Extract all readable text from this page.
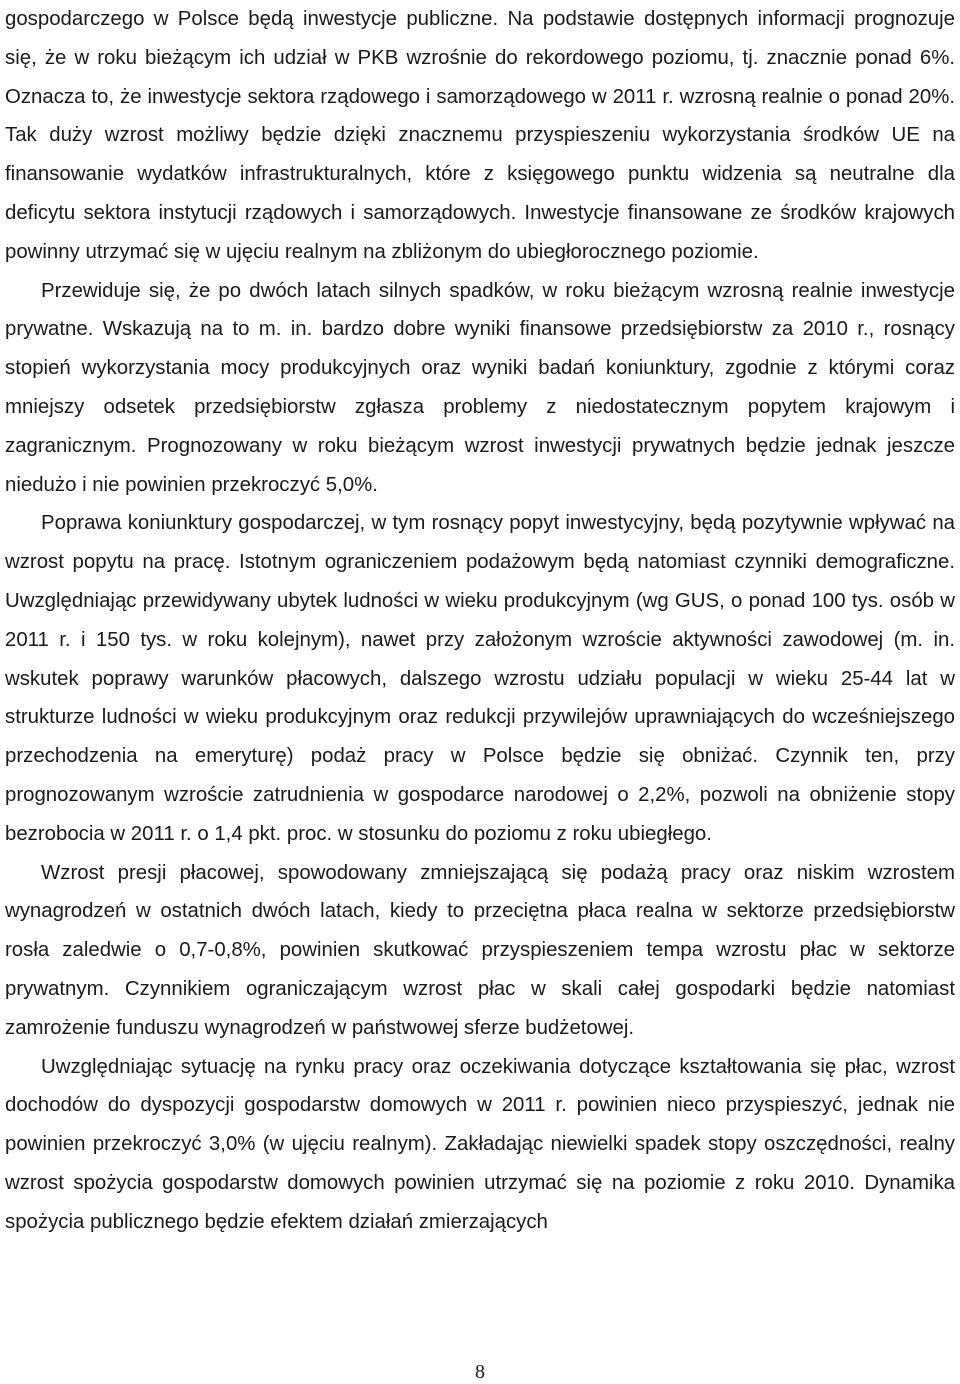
gospodarczego w Polsce będą inwestycje publiczne. Na podstawie dostępnych informacji prognozuje się, że w roku bieżącym ich udział w PKB wzrośnie do rekordowego poziomu, tj. znacznie ponad 6%. Oznacza to, że inwestycje sektora rządowego i samorządowego w 2011 r. wzrosną realnie o ponad 20%. Tak duży wzrost możliwy będzie dzięki znacznemu przyspieszeniu wykorzystania środków UE na finansowanie wydatków infrastrukturalnych, które z księgowego punktu widzenia są neutralne dla deficytu sektora instytucji rządowych i samorządowych. Inwestycje finansowane ze środków krajowych powinny utrzymać się w ujęciu realnym na zbliżonym do ubiegłorocznego poziomie.

Przewiduje się, że po dwóch latach silnych spadków, w roku bieżącym wzrosną realnie inwestycje prywatne. Wskazują na to m. in. bardzo dobre wyniki finansowe przedsiębiorstw za 2010 r., rosnący stopień wykorzystania mocy produkcyjnych oraz wyniki badań koniunktury, zgodnie z którymi coraz mniejszy odsetek przedsiębiorstw zgłasza problemy z niedostatecznym popytem krajowym i zagranicznym. Prognozowany w roku bieżącym wzrost inwestycji prywatnych będzie jednak jeszcze niedużo i nie powinien przekroczyć 5,0%.

Poprawa koniunktury gospodarczej, w tym rosnący popyt inwestycyjny, będą pozytywnie wpływać na wzrost popytu na pracę. Istotnym ograniczeniem podażowym będą natomiast czynniki demograficzne. Uwzględniając przewidywany ubytek ludności w wieku produkcyjnym (wg GUS, o ponad 100 tys. osób w 2011 r. i 150 tys. w roku kolejnym), nawet przy założonym wzroście aktywności zawodowej (m. in. wskutek poprawy warunków płacowych, dalszego wzrostu udziału populacji w wieku 25-44 lat w strukturze ludności w wieku produkcyjnym oraz redukcji przywilejów uprawniających do wcześniejszego przechodzenia na emeryturę) podaż pracy w Polsce będzie się obniżać. Czynnik ten, przy prognozowanym wzroście zatrudnienia w gospodarce narodowej o 2,2%, pozwoli na obniżenie stopy bezrobocia w 2011 r. o 1,4 pkt. proc. w stosunku do poziomu z roku ubiegłego.

Wzrost presji płacowej, spowodowany zmniejszającą się podażą pracy oraz niskim wzrostem wynagrodzeń w ostatnich dwóch latach, kiedy to przeciętna płaca realna w sektorze przedsiębiorstw rosła zaledwie o 0,7-0,8%, powinien skutkować przyspieszeniem tempa wzrostu płac w sektorze prywatnym. Czynnikiem ograniczającym wzrost płac w skali całej gospodarki będzie natomiast zamrożenie funduszu wynagrodzeń w państwowej sferze budżetowej.

Uwzględniając sytuację na rynku pracy oraz oczekiwania dotyczące kształtowania się płac, wzrost dochodów do dyspozycji gospodarstw domowych w 2011 r. powinien nieco przyspieszyć, jednak nie powinien przekroczyć 3,0% (w ujęciu realnym). Zakładając niewielki spadek stopy oszczędności, realny wzrost spożycia gospodarstw domowych powinien utrzymać się na poziomie z roku 2010. Dynamika spożycia publicznego będzie efektem działań zmierzających

8
